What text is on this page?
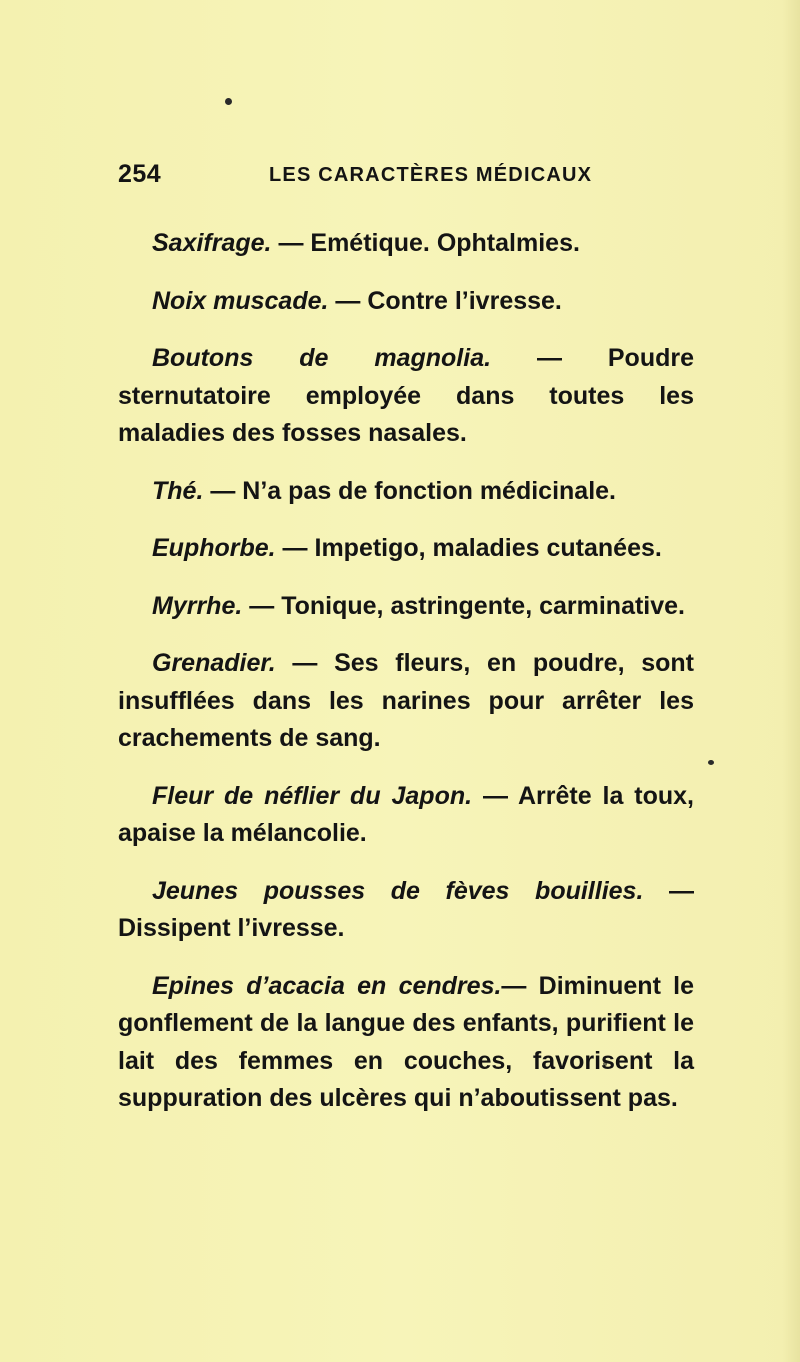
254	LES CARACTÈRES MÉDICAUX

Saxifrage. — Emétique. Ophtalmies.

Noix muscade. — Contre l’ivresse.

Boutons de magnolia. — Poudre sternutatoire employée dans toutes les maladies des fosses nasales.

Thé. — N’a pas de fonction médicinale.

Euphorbe. — Impetigo, maladies cutanées.

Myrrhe. — Tonique, astringente, carminative.

Grenadier. — Ses fleurs, en poudre, sont insufflées dans les narines pour arrêter les crachements de sang.

Fleur de néflier du Japon. — Arrête la toux, apaise la mélancolie.

Jeunes pousses de fèves bouillies. — Dissipent l’ivresse.

Epines d’acacia en cendres.— Diminuent le gonflement de la langue des enfants, purifient le lait des femmes en couches, favorisent la suppuration des ulcères qui n’aboutissent pas.
